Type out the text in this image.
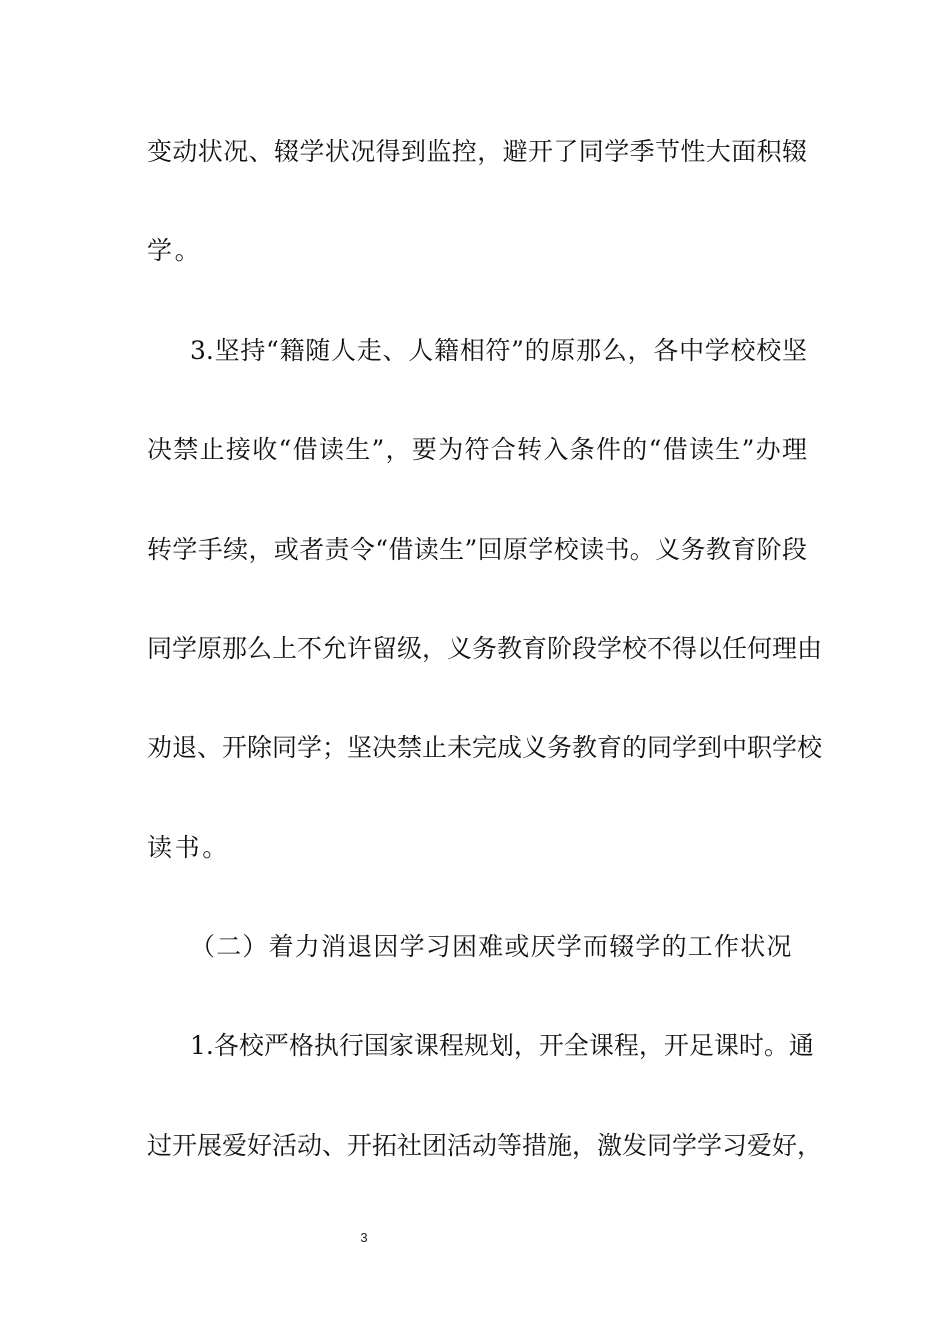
变动状况、辍学状况得到监控，避开了同学季节性大面积辍
学。
3.坚持“籍随人走、人籍相符”的原那么，各中学校校坚
决禁止接收“借读生”，要为符合转入条件的“借读生”办理
转学手续，或者责令“借读生”回原学校读书。义务教育阶段
同学原那么上不允许留级，义务教育阶段学校不得以任何理由
劝退、开除同学；坚决禁止未完成义务教育的同学到中职学校
读书。
（二）着力消退因学习困难或厌学而辍学的工作状况
1.各校严格执行国家课程规划，开全课程，开足课时。通
过开展爱好活动、开拓社团活动等措施，激发同学学习爱好，
3
